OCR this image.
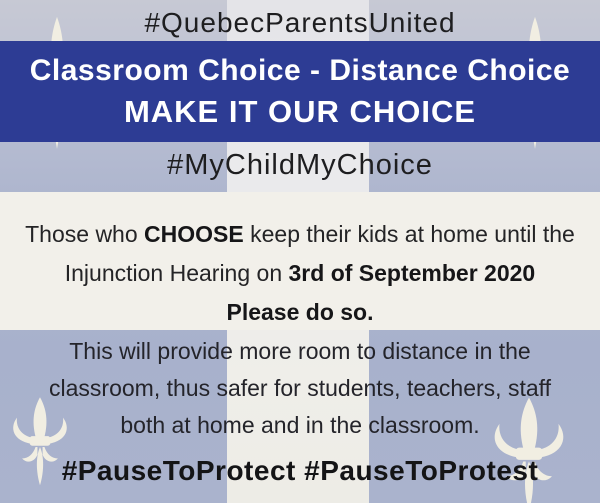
#QuebecParentsUnited
Classroom Choice - Distance Choice
MAKE IT OUR CHOICE
#MyChildMyChoice
Those who CHOOSE keep their kids at home until the
Injunction Hearing on 3rd of September 2020
Please do so.
This will provide more room to distance in the
classroom, thus safer for students, teachers, staff
both at home and in the classroom.
#PauseToProtect #PauseToProtest
